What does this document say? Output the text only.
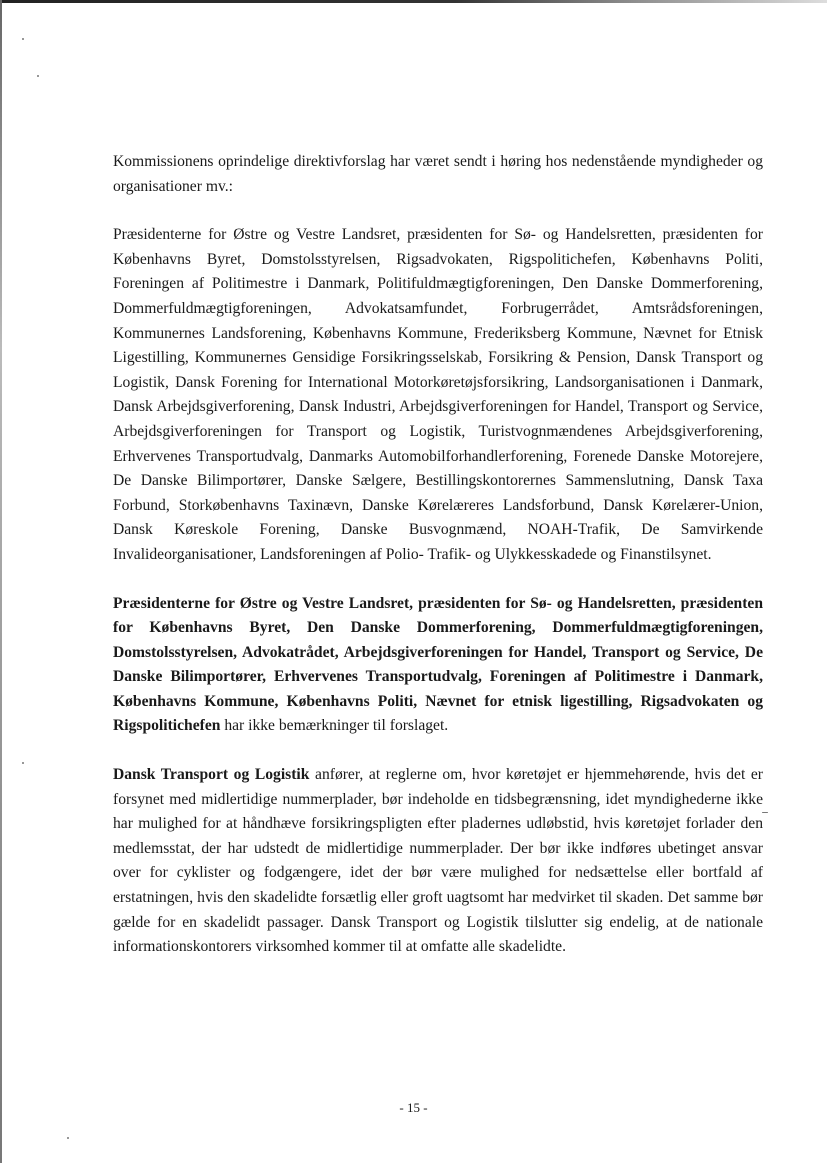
Kommissionens oprindelige direktivforslag har været sendt i høring hos nedenstående myndigheder og organisationer mv.:

Præsidenterne for Østre og Vestre Landsret, præsidenten for Sø- og Handelsretten, præsidenten for Københavns Byret, Domstolsstyrelsen, Rigsadvokaten, Rigspolitichefen, Københavns Politi, Foreningen af Politimestre i Danmark, Politifuldmægtigforeningen, Den Danske Dommerforening, Dommerfuldmægtigforeningen, Advokatsamfundet, Forbrugerrådet, Amtsrådsforeningen, Kommunernes Landsforening, Københavns Kommune, Frederiksberg Kommune, Nævnet for Etnisk Ligestilling, Kommunernes Gensidige Forsikringsselskab, Forsikring & Pension, Dansk Transport og Logistik, Dansk Forening for International Motorkøretøjsforsikring, Landsorganisationen i Danmark, Dansk Arbejdsgiverforening, Dansk Industri, Arbejdsgiverforeningen for Handel, Transport og Service, Arbejdsgiverforeningen for Transport og Logistik, Turistvognmændenes Arbejdsgiverforening, Erhvervenes Transportudvalg, Danmarks Automobilforhandlerforening, Forenede Danske Motorejere, De Danske Bilimportører, Danske Sælgere, Bestillingskontorernes Sammenslutning, Dansk Taxa Forbund, Storkøbenhavns Taxinævn, Danske Kørelæreres Landsforbund, Dansk Kørelærer-Union, Dansk Køreskole Forening, Danske Busvognmænd, NOAH-Trafik, De Samvirkende Invalideorganisationer, Landsforeningen af Polio- Trafik- og Ulykkesskadede og Finanstilsynet.

Præsidenterne for Østre og Vestre Landsret, præsidenten for Sø- og Handelsretten, præsidenten for Københavns Byret, Den Danske Dommerforening, Dommerfuldmægtigforeningen, Domstolsstyrelsen, Advokatrådet, Arbejdsgiverforeningen for Handel, Transport og Service, De Danske Bilimportører, Erhvervenes Transportudvalg, Foreningen af Politimestre i Danmark, Københavns Kommune, Københavns Politi, Nævnet for etnisk ligestilling, Rigsadvokaten og Rigspolitichefen har ikke bemærkninger til forslaget.

Dansk Transport og Logistik anfører, at reglerne om, hvor køretøjet er hjemmehørende, hvis det er forsynet med midlertidige nummerplader, bør indeholde en tidsbegrænsning, idet myndighederne ikke har mulighed for at håndhæve forsikringspligten efter pladernes udløbstid, hvis køretøjet forlader den medlemsstat, der har udstedt de midlertidige nummerplader. Der bør ikke indføres ubetinget ansvar over for cyklister og fodgængere, idet der bør være mulighed for nedsættelse eller bortfald af erstatningen, hvis den skadelidte forsætlig eller groft uagtsomt har medvirket til skaden. Det samme bør gælde for en skadelidt passager. Dansk Transport og Logistik tilslutter sig endelig, at de nationale informationskontorers virksomhed kommer til at omfatte alle skadelidte.

- 15 -
